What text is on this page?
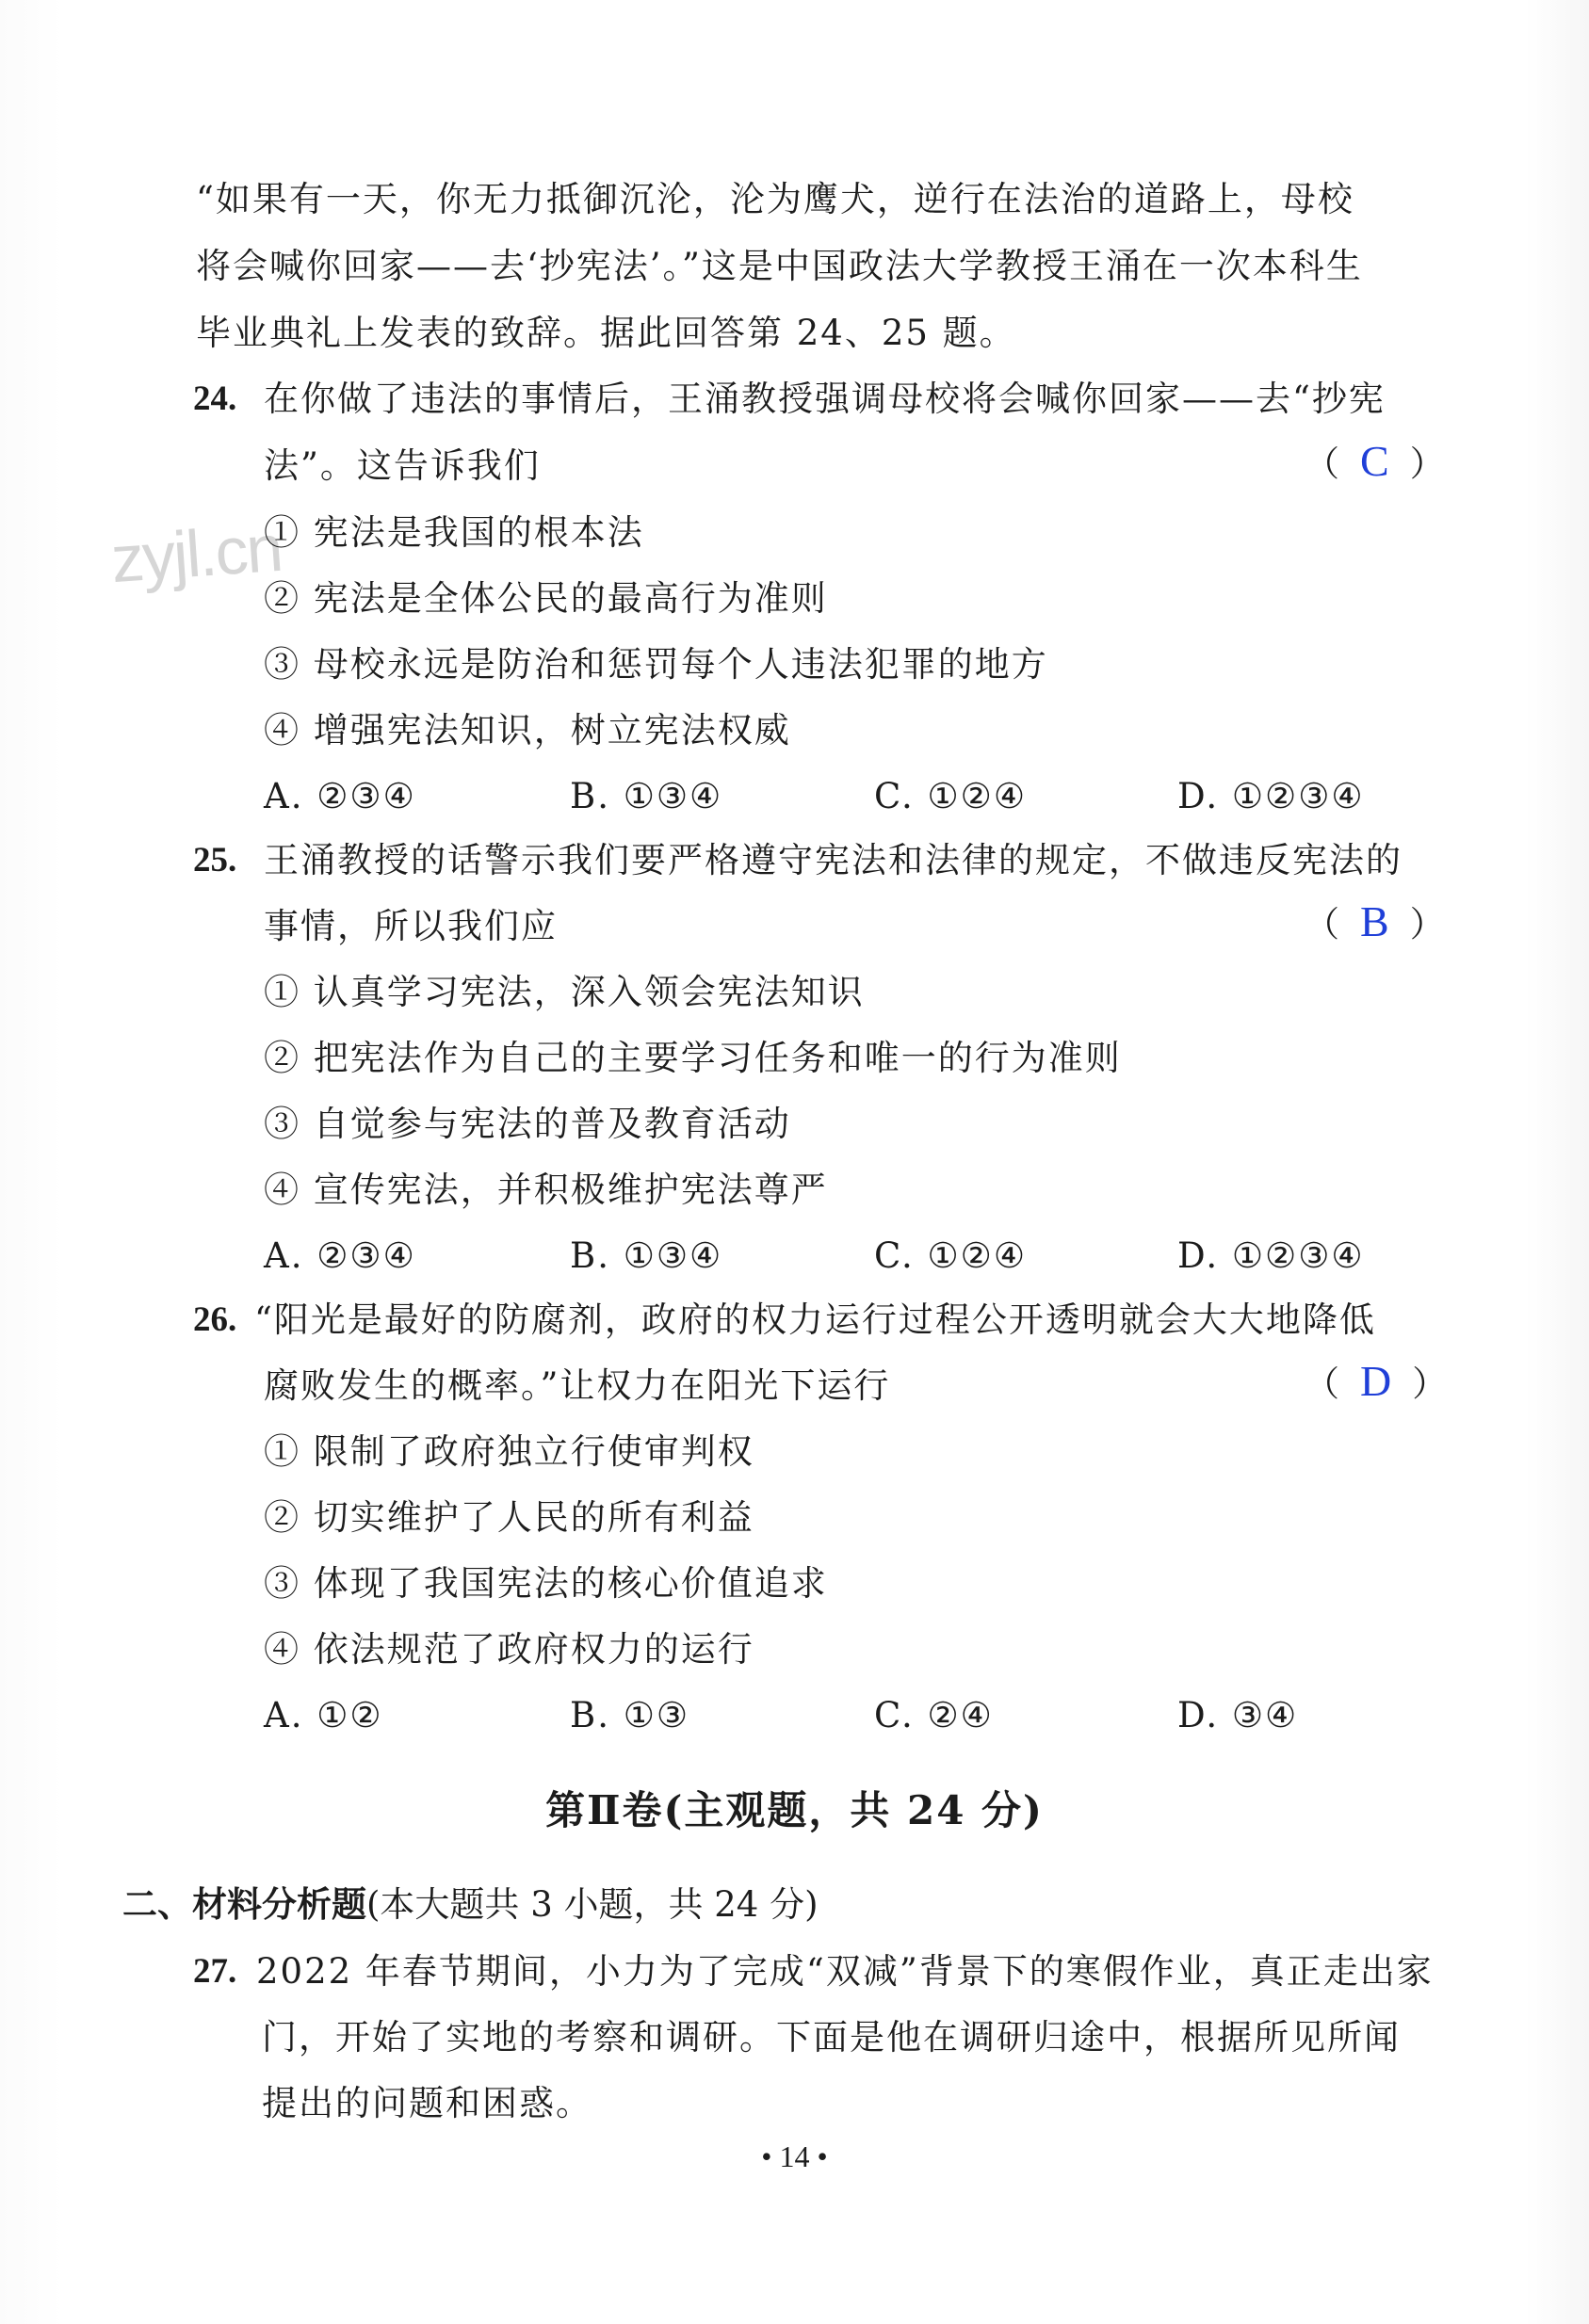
zyjl.cn
“如果有一天，你无力抵御沉沦，沦为鹰犬，逆行在法治的道路上，母校
将会喊你回家——去‘抄宪法’。”这是中国政法大学教授王涌在一次本科生
毕业典礼上发表的致辞。据此回答第 24、25 题。
24. 在你做了违法的事情后，王涌教授强调母校将会喊你回家——去“抄宪
法”。这告诉我们	（ C ）
① 宪法是我国的根本法
② 宪法是全体公民的最高行为准则
③ 母校永远是防治和惩罚每个人违法犯罪的地方
④ 增强宪法知识，树立宪法权威
A. ②③④	B. ①③④	C. ①②④	D. ①②③④
25. 王涌教授的话警示我们要严格遵守宪法和法律的规定，不做违反宪法的
事情，所以我们应	（ B ）
① 认真学习宪法，深入领会宪法知识
② 把宪法作为自己的主要学习任务和唯一的行为准则
③ 自觉参与宪法的普及教育活动
④ 宣传宪法，并积极维护宪法尊严
A. ②③④	B. ①③④	C. ①②④	D. ①②③④
26. “阳光是最好的防腐剂，政府的权力运行过程公开透明就会大大地降低
腐败发生的概率。”让权力在阳光下运行	（ D ）
① 限制了政府独立行使审判权
② 切实维护了人民的所有利益
③ 体现了我国宪法的核心价值追求
④ 依法规范了政府权力的运行
A. ①②	B. ①③	C. ②④	D. ③④
第Ⅱ卷(主观题，共 24 分)
二、材料分析题(本大题共 3 小题，共 24 分)
27. 2022 年春节期间，小力为了完成“双减”背景下的寒假作业，真正走出家
门，开始了实地的考察和调研。下面是他在调研归途中，根据所见所闻
提出的问题和困惑。
• 14 •
